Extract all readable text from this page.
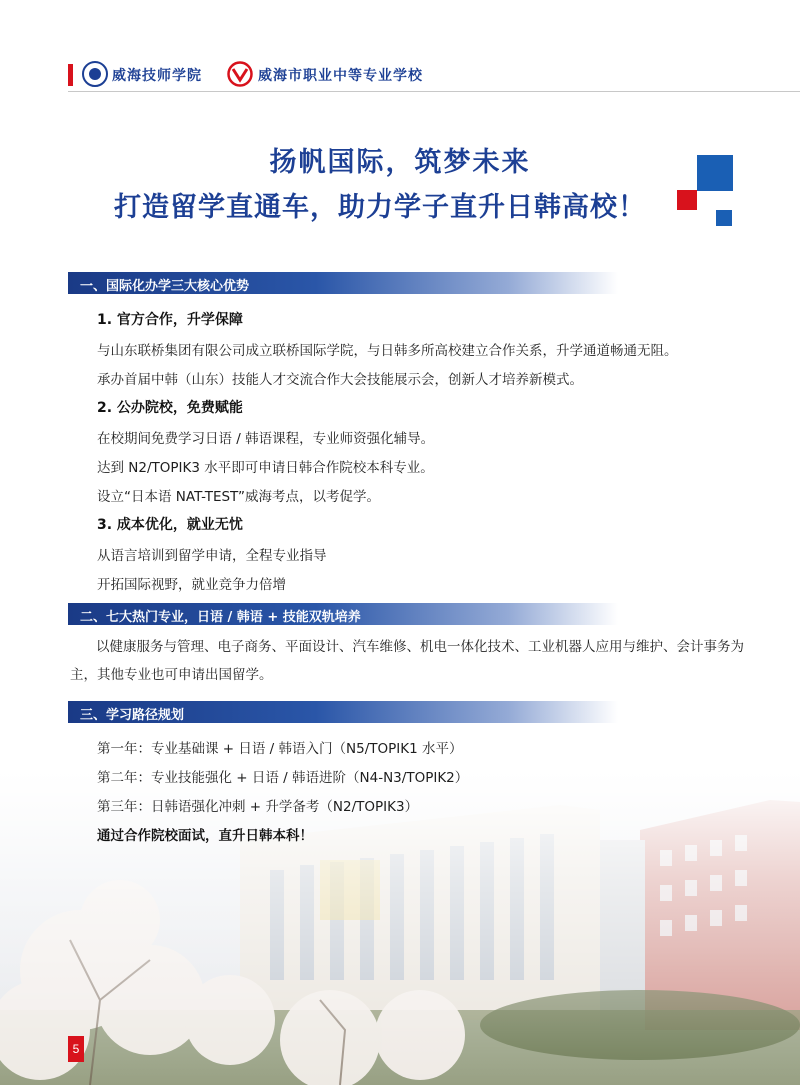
威海技师学院	威海市职业中等专业学校
扬帆国际，筑梦未来
打造留学直通车，助力学子直升日韩高校！
一、国际化办学三大核心优势
1. 官方合作，升学保障
与山东联桥集团有限公司成立联桥国际学院，与日韩多所高校建立合作关系，升学通道畅通无阻。
承办首届中韩（山东）技能人才交流合作大会技能展示会，创新人才培养新模式。
2. 公办院校，免费赋能
在校期间免费学习日语 / 韩语课程，专业师资强化辅导。
达到 N2/TOPIK3 水平即可申请日韩合作院校本科专业。
设立“日本语 NAT-TEST”威海考点，以考促学。
3. 成本优化，就业无忧
从语言培训到留学申请，全程专业指导
开拓国际视野，就业竞争力倍增
二、七大热门专业，日语 / 韩语 + 技能双轨培养
以健康服务与管理、电子商务、平面设计、汽车维修、机电一体化技术、工业机器人应用与维护、会计事务为主，其他专业也可申请出国留学。
三、学习路径规划
第一年：专业基础课 + 日语 / 韩语入门（N5/TOPIK1 水平）
第二年：专业技能强化 + 日语 / 韩语进阶（N4-N3/TOPIK2）
第三年：日韩语强化冲刺 + 升学备考（N2/TOPIK3）
通过合作院校面试，直升日韩本科！
5
